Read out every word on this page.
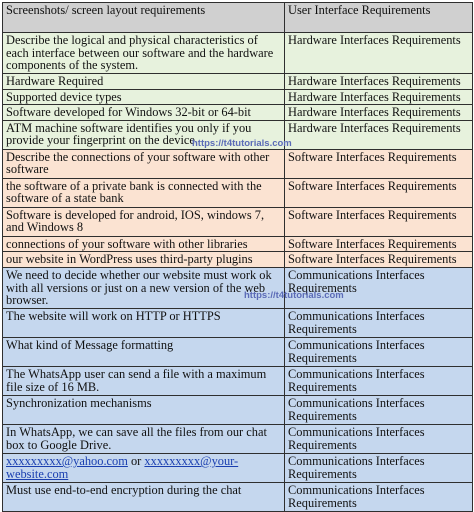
Screenshots/ screen layout requirements	User Interface Requirements
Describe the logical and physical characteristics of each interface between our software and the hardware components of the system.	Hardware Interfaces Requirements
Hardware Required	Hardware Interfaces Requirements
Supported device types	Hardware Interfaces Requirements
Software developed for Windows 32-bit or 64-bit	Hardware Interfaces Requirements
ATM machine software identifies you only if you provide your fingerprint on the device	Hardware Interfaces Requirements
Describe the connections of your software with other software	Software Interfaces Requirements
the software of a private bank is connected with the software of a state bank	Software Interfaces Requirements
Software is developed for android, IOS, windows 7, and Windows 8	Software Interfaces Requirements
connections of your software with other libraries	Software Interfaces Requirements
our website in WordPress uses third-party plugins	Software Interfaces Requirements
We need to decide whether our website must work ok with all versions or just on a new version of the web browser.	Communications Interfaces Requirements
The website will work on HTTP or HTTPS	Communications Interfaces Requirements
What kind of Message formatting	Communications Interfaces Requirements
The WhatsApp user can send a file with a maximum file size of 16 MB.	Communications Interfaces Requirements
Synchronization mechanisms	Communications Interfaces Requirements
In WhatsApp, we can save all the files from our chat box to Google Drive.	Communications Interfaces Requirements
xxxxxxxxx@yahoo.com or xxxxxxxxx@your-website.com	Communications Interfaces Requirements
Must use end-to-end encryption during the chat	Communications Interfaces Requirements
https://t4tutorials.com
https://t4tutorials.com
